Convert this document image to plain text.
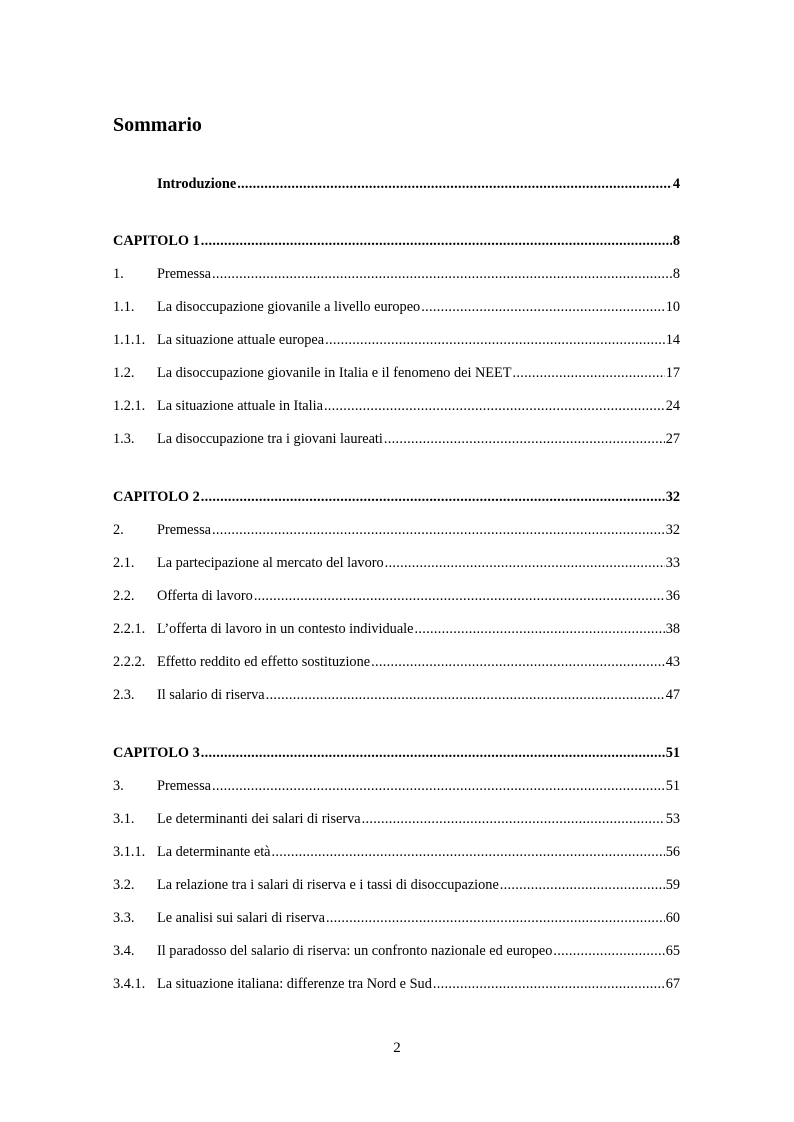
Sommario
Introduzione .....	4
CAPITOLO 1 .....	8
1.	Premessa .....	8
1.1.	La disoccupazione giovanile a livello europeo .....	10
1.1.1. La situazione attuale europea .....	14
1.2.	La disoccupazione giovanile in Italia e il fenomeno dei NEET .....	17
1.2.1. La situazione attuale in Italia .....	24
1.3.	La disoccupazione tra i giovani laureati .....	27
CAPITOLO 2 .....	32
2.	Premessa .....	32
2.1.	La partecipazione al mercato del lavoro .....	33
2.2.	Offerta di lavoro .....	36
2.2.1. L’offerta di lavoro in un contesto individuale .....	38
2.2.2. Effetto reddito ed effetto sostituzione .....	43
2.3.	Il salario di riserva .....	47
CAPITOLO 3 .....	51
3.	Premessa .....	51
3.1.	Le determinanti dei salari di riserva .....	53
3.1.1. La determinante età .....	56
3.2.	La relazione tra i salari di riserva e i tassi di disoccupazione .....	59
3.3.	Le analisi sui salari di riserva .....	60
3.4.	Il paradosso del salario di riserva: un confronto nazionale ed europeo .....	65
3.4.1. La situazione italiana: differenze tra Nord e Sud .....	67
2
